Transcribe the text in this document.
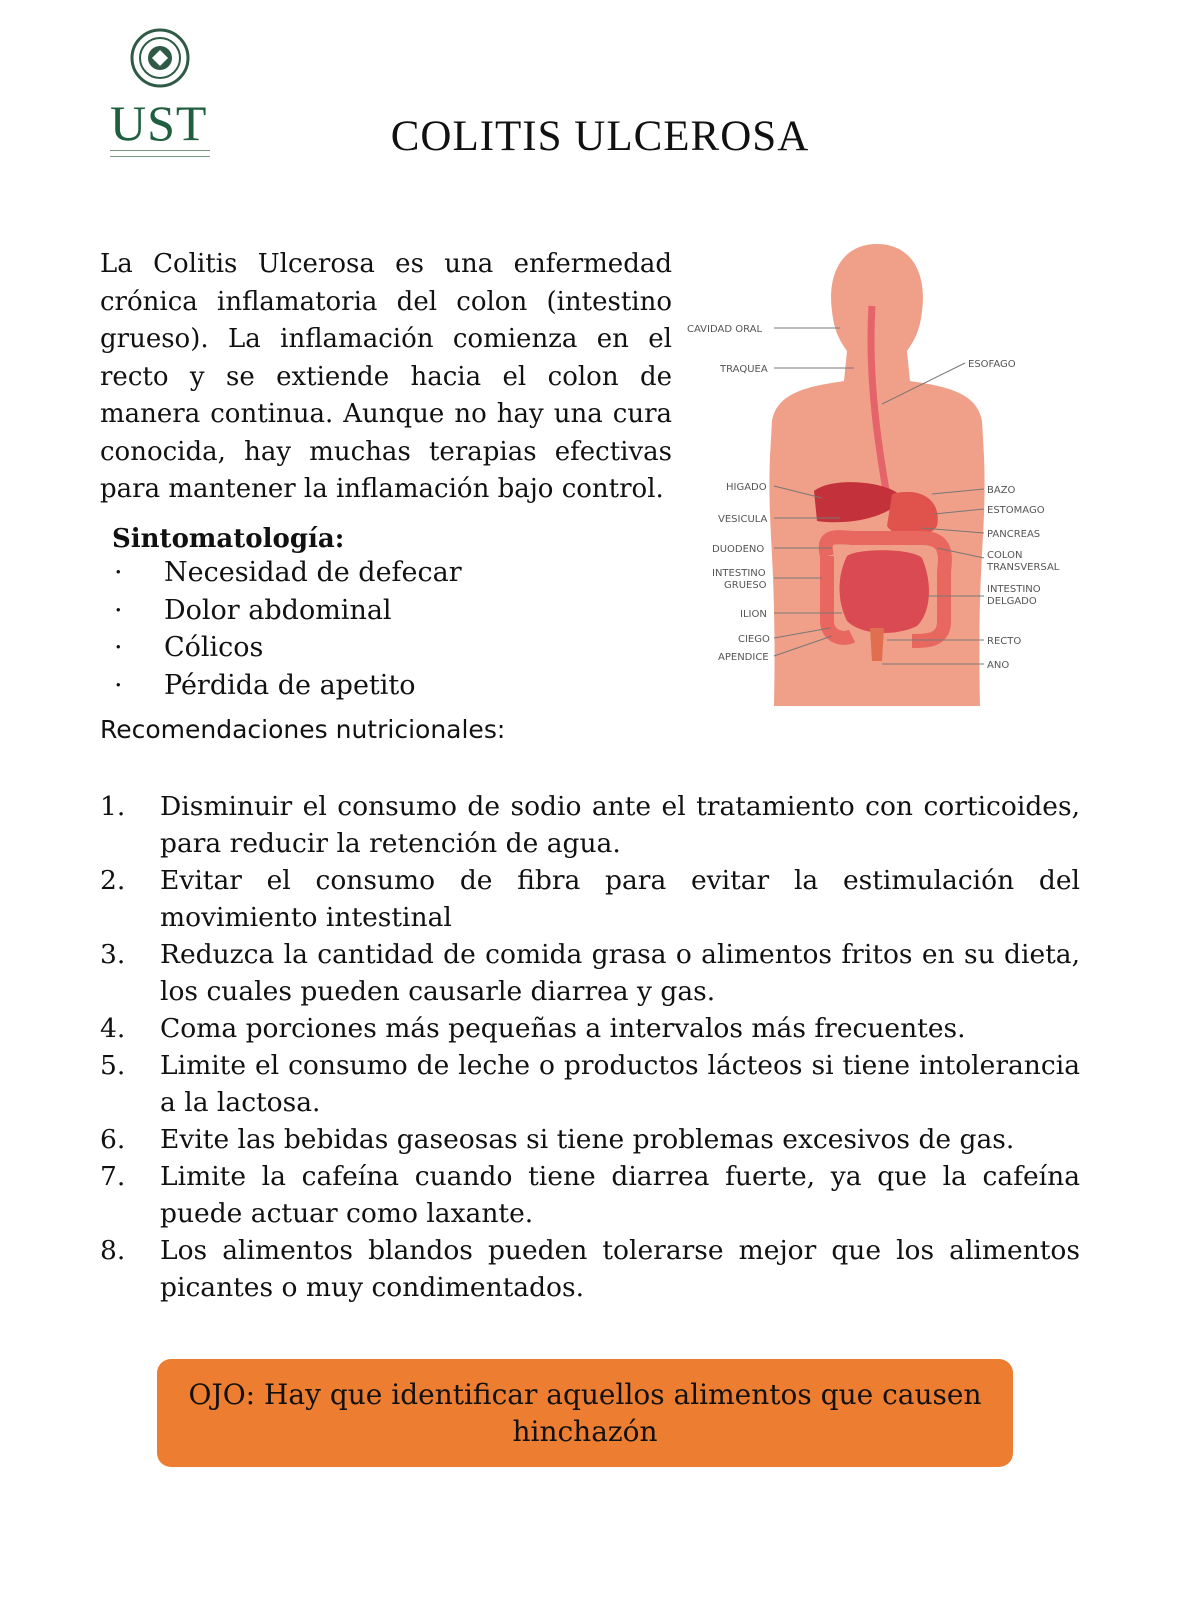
UST	COLITIS ULCEROSA

La Colitis Ulcerosa es una enfermedad crónica inflamatoria del colon (intestino grueso). La inflamación comienza en el recto y se extiende hacia el colon de manera continua. Aunque no hay una cura conocida, hay muchas terapias efectivas para mantener la inflamación bajo control.

Sintomatología:
· Necesidad de defecar
· Dolor abdominal
· Cólicos
· Pérdida de apetito
Recomendaciones nutricionales:
1. Disminuir el consumo de sodio ante el tratamiento con corticoides, para reducir la retención de agua.
2. Evitar el consumo de fibra para evitar la estimulación del movimiento intestinal
3. Reduzca la cantidad de comida grasa o alimentos fritos en su dieta, los cuales pueden causarle diarrea y gas.
4. Coma porciones más pequeñas a intervalos más frecuentes.
5. Limite el consumo de leche o productos lácteos si tiene intolerancia a la lactosa.
6. Evite las bebidas gaseosas si tiene problemas excesivos de gas.
7. Limite la cafeína cuando tiene diarrea fuerte, ya que la cafeína puede actuar como laxante.
8. Los alimentos blandos pueden tolerarse mejor que los alimentos picantes o muy condimentados.
CAVIDAD ORAL
TRAQUEA	ESOFAGO
HIGADO
VESICULA
DUODENO
INTESTINO
GRUESO
ILION
CIEGO
APENDICE
BAZO
ESTOMAGO
PANCREAS
COLON
TRANSVERSAL
INTESTINO
DELGADO
RECTO
ANO
OJO: Hay que identificar aquellos alimentos que causen hinchazón
